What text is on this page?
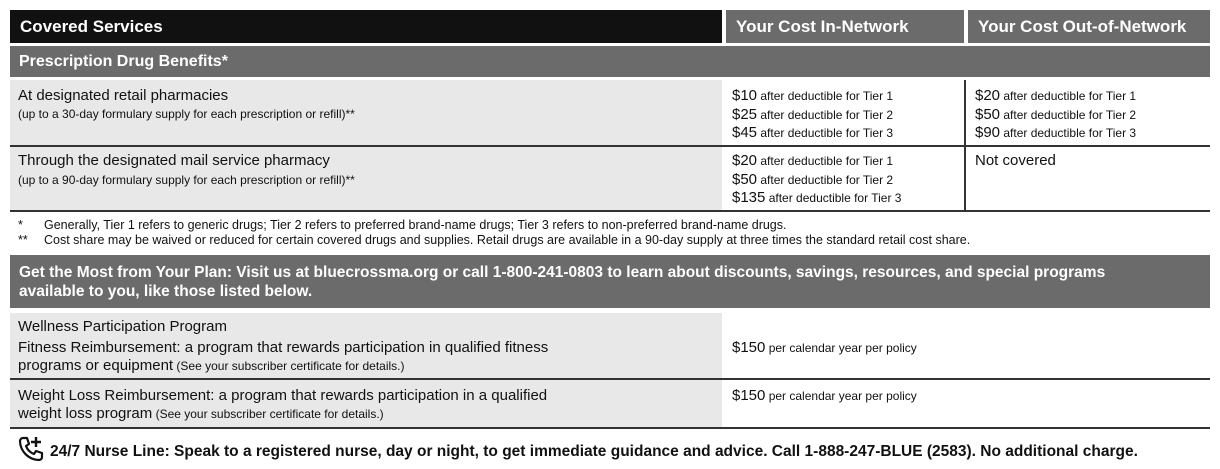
Covered Services	Your Cost In-Network	Your Cost Out-of-Network
Prescription Drug Benefits*
At designated retail pharmacies
(up to a 30-day formulary supply for each prescription or refill)**
$10 after deductible for Tier 1
$25 after deductible for Tier 2
$45 after deductible for Tier 3
$20 after deductible for Tier 1
$50 after deductible for Tier 2
$90 after deductible for Tier 3
Through the designated mail service pharmacy
(up to a 90-day formulary supply for each prescription or refill)**
$20 after deductible for Tier 1
$50 after deductible for Tier 2
$135 after deductible for Tier 3
Not covered
* Generally, Tier 1 refers to generic drugs; Tier 2 refers to preferred brand-name drugs; Tier 3 refers to non-preferred brand-name drugs.
** Cost share may be waived or reduced for certain covered drugs and supplies. Retail drugs are available in a 90-day supply at three times the standard retail cost share.
Get the Most from Your Plan: Visit us at bluecrossma.org or call 1-800-241-0803 to learn about discounts, savings, resources, and special programs
available to you, like those listed below.
Wellness Participation Program
Fitness Reimbursement: a program that rewards participation in qualified fitness
programs or equipment (See your subscriber certificate for details.)
$150 per calendar year per policy
Weight Loss Reimbursement: a program that rewards participation in a qualified
weight loss program (See your subscriber certificate for details.)
$150 per calendar year per policy
24/7 Nurse Line: Speak to a registered nurse, day or night, to get immediate guidance and advice. Call 1-888-247-BLUE (2583). No additional charge.
